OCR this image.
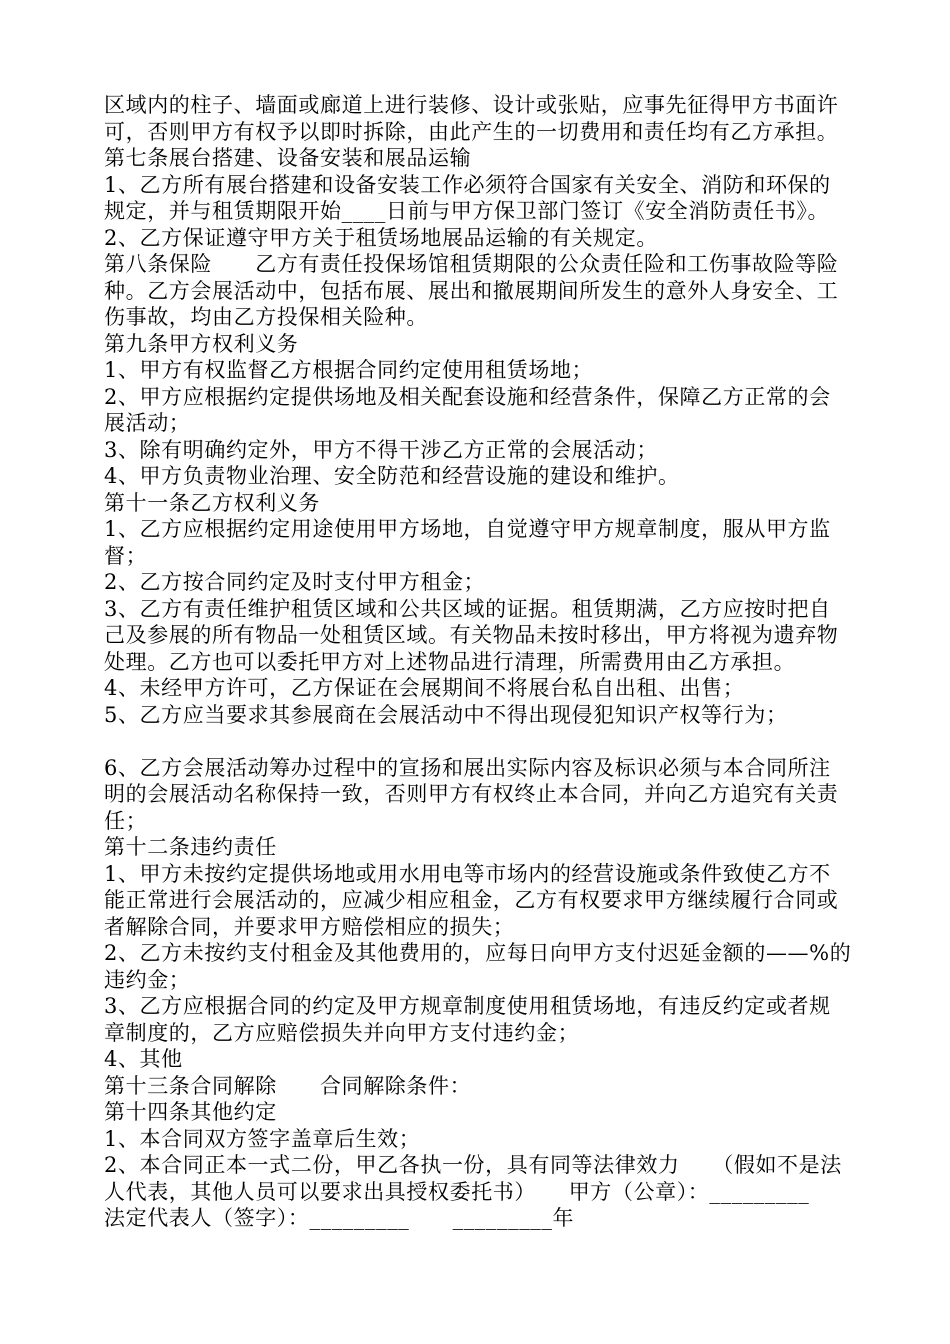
区域内的柱子、墙面或廊道上进行装修、设计或张贴，应事先征得甲方书面许可，否则甲方有权予以即时拆除，由此产生的一切费用和责任均有乙方承担。

第七条展台搭建、设备安装和展品运输

1、乙方所有展台搭建和设备安装工作必须符合国家有关安全、消防和环保的规定，并与租赁期限开始____日前与甲方保卫部门签订《安全消防责任书》。

2、乙方保证遵守甲方关于租赁场地展品运输的有关规定。

第八条保险　　乙方有责任投保场馆租赁期限的公众责任险和工伤事故险等险种。乙方会展活动中，包括布展、展出和撤展期间所发生的意外人身安全、工伤事故，均由乙方投保相关险种。

第九条甲方权利义务

1、甲方有权监督乙方根据合同约定使用租赁场地；

2、甲方应根据约定提供场地及相关配套设施和经营条件，保障乙方正常的会展活动；

3、除有明确约定外，甲方不得干涉乙方正常的会展活动；

4、甲方负责物业治理、安全防范和经营设施的建设和维护。

第十一条乙方权利义务

1、乙方应根据约定用途使用甲方场地，自觉遵守甲方规章制度，服从甲方监督；

2、乙方按合同约定及时支付甲方租金；

3、乙方有责任维护租赁区域和公共区域的证据。租赁期满，乙方应按时把自己及参展的所有物品一处租赁区域。有关物品未按时移出，甲方将视为遗弃物处理。乙方也可以委托甲方对上述物品进行清理，所需费用由乙方承担。

4、未经甲方许可，乙方保证在会展期间不将展台私自出租、出售；

5、乙方应当要求其参展商在会展活动中不得出现侵犯知识产权等行为；

6、乙方会展活动筹办过程中的宣扬和展出实际内容及标识必须与本合同所注明的会展活动名称保持一致，否则甲方有权终止本合同，并向乙方追究有关责任；

第十二条违约责任

1、甲方未按约定提供场地或用水用电等市场内的经营设施或条件致使乙方不能正常进行会展活动的，应减少相应租金，乙方有权要求甲方继续履行合同或者解除合同，并要求甲方赔偿相应的损失；

2、乙方未按约支付租金及其他费用的，应每日向甲方支付迟延金额的——%的违约金；

3、乙方应根据合同的约定及甲方规章制度使用租赁场地，有违反约定或者规章制度的，乙方应赔偿损失并向甲方支付违约金；

4、其他

第十三条合同解除　　合同解除条件：

第十四条其他约定

1、本合同双方签字盖章后生效；

2、本合同正本一式二份，甲乙各执一份，具有同等法律效力　　（假如不是法人代表，其他人员可以要求出具授权委托书）　　甲方（公章）：_________　　法定代表人（签字）：_________　　_________年
